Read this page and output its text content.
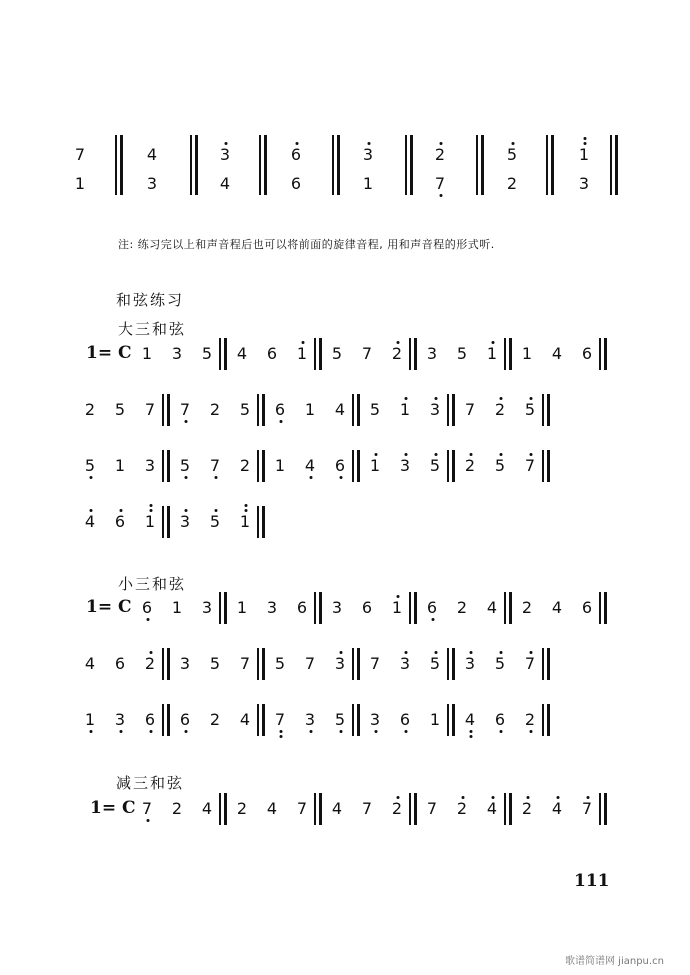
7
1
4
3
3
4
6
6
3
1
2
7
5
2
1
3
注: 练习完以上和声音程后也可以将前面的旋律音程, 用和声音程的形式听.
和弦练习
大三和弦
1= C 1 3 5 4 6 1 5 7 2 3 5 1 1 4 6
2 5 7 7 2 5 6 1 4 5 1 3 7 2 5
5 1 3 5 7 2 1 4 6 1 3 5 2 5 7
4 6 1 3 5 1
小三和弦
1= C 6 1 3 1 3 6 3 6 1 6 2 4 2 4 6
4 6 2 3 5 7 5 7 3 7 3 5 3 5 7
1 3 6 6 2 4 7 3 5 3 6 1 4 6 2
减三和弦
1= C 7 2 4 2 4 7 4 7 2 7 2 4 2 4 7
111
歌谱简谱网 jianpu.cn
